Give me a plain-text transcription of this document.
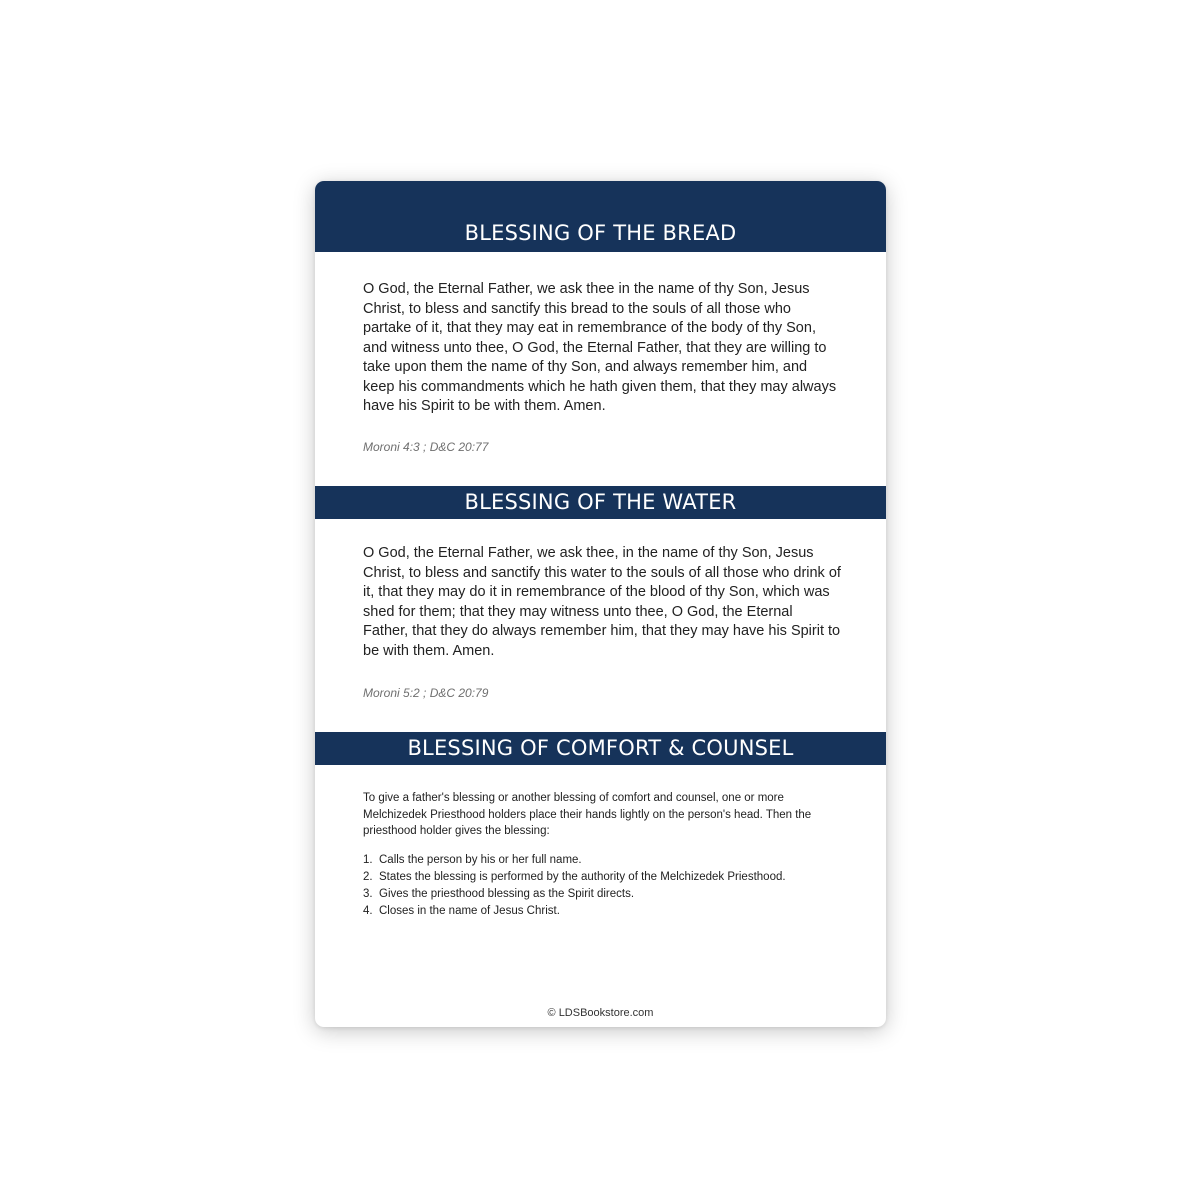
BLESSING OF THE BREAD

O God, the Eternal Father, we ask thee in the name of thy Son, Jesus Christ, to bless and sanctify this bread to the souls of all those who partake of it, that they may eat in remembrance of the body of thy Son, and witness unto thee, O God, the Eternal Father, that they are willing to take upon them the name of thy Son, and always remember him, and keep his commandments which he hath given them, that they may always have his Spirit to be with them. Amen.

Moroni 4:3 ; D&C 20:77

BLESSING OF THE WATER

O God, the Eternal Father, we ask thee, in the name of thy Son, Jesus Christ, to bless and sanctify this water to the souls of all those who drink of it, that they may do it in remembrance of the blood of thy Son, which was shed for them; that they may witness unto thee, O God, the Eternal Father, that they do always remember him, that they may have his Spirit to be with them. Amen.

Moroni 5:2 ; D&C 20:79

BLESSING OF COMFORT & COUNSEL

To give a father's blessing or another blessing of comfort and counsel, one or more Melchizedek Priesthood holders place their hands lightly on the person's head. Then the priesthood holder gives the blessing:

1. Calls the person by his or her full name.
2. States the blessing is performed by the authority of the Melchizedek Priesthood.
3. Gives the priesthood blessing as the Spirit directs.
4. Closes in the name of Jesus Christ.
© LDSBookstore.com
